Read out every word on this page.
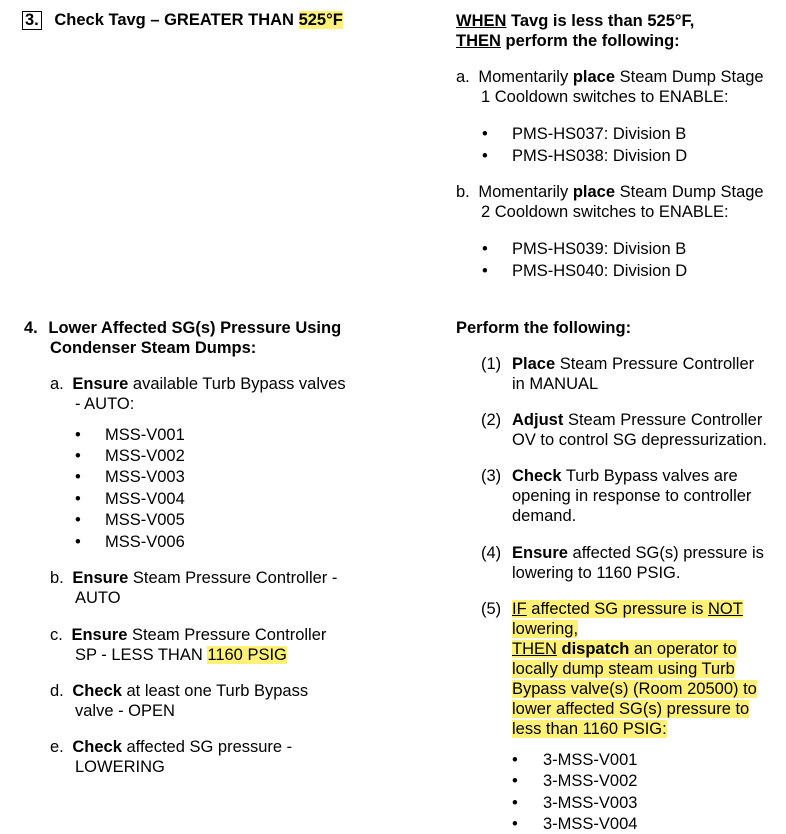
3. Check Tavg – GREATER THAN 525°F	WHEN Tavg is less than 525°F,
THEN perform the following:
a. Momentarily place Steam Dump Stage
1 Cooldown switches to ENABLE:
• PMS-HS037: Division B
• PMS-HS038: Division D
b. Momentarily place Steam Dump Stage
2 Cooldown switches to ENABLE:
• PMS-HS039: Division B
• PMS-HS040: Division D
4. Lower Affected SG(s) Pressure Using
Condenser Steam Dumps:
a. Ensure available Turb Bypass valves
- AUTO:
• MSS-V001
• MSS-V002
• MSS-V003
• MSS-V004
• MSS-V005
• MSS-V006
b. Ensure Steam Pressure Controller -
AUTO
c. Ensure Steam Pressure Controller
SP - LESS THAN 1160 PSIG
d. Check at least one Turb Bypass
valve - OPEN
e. Check affected SG pressure -
LOWERING
Perform the following:
(1) Place Steam Pressure Controller
in MANUAL
(2) Adjust Steam Pressure Controller
OV to control SG depressurization.
(3) Check Turb Bypass valves are
opening in response to controller
demand.
(4) Ensure affected SG(s) pressure is
lowering to 1160 PSIG.
(5) IF affected SG pressure is NOT
lowering,
THEN dispatch an operator to
locally dump steam using Turb
Bypass valve(s) (Room 20500) to
lower affected SG(s) pressure to
less than 1160 PSIG:
• 3-MSS-V001
• 3-MSS-V002
• 3-MSS-V003
• 3-MSS-V004
